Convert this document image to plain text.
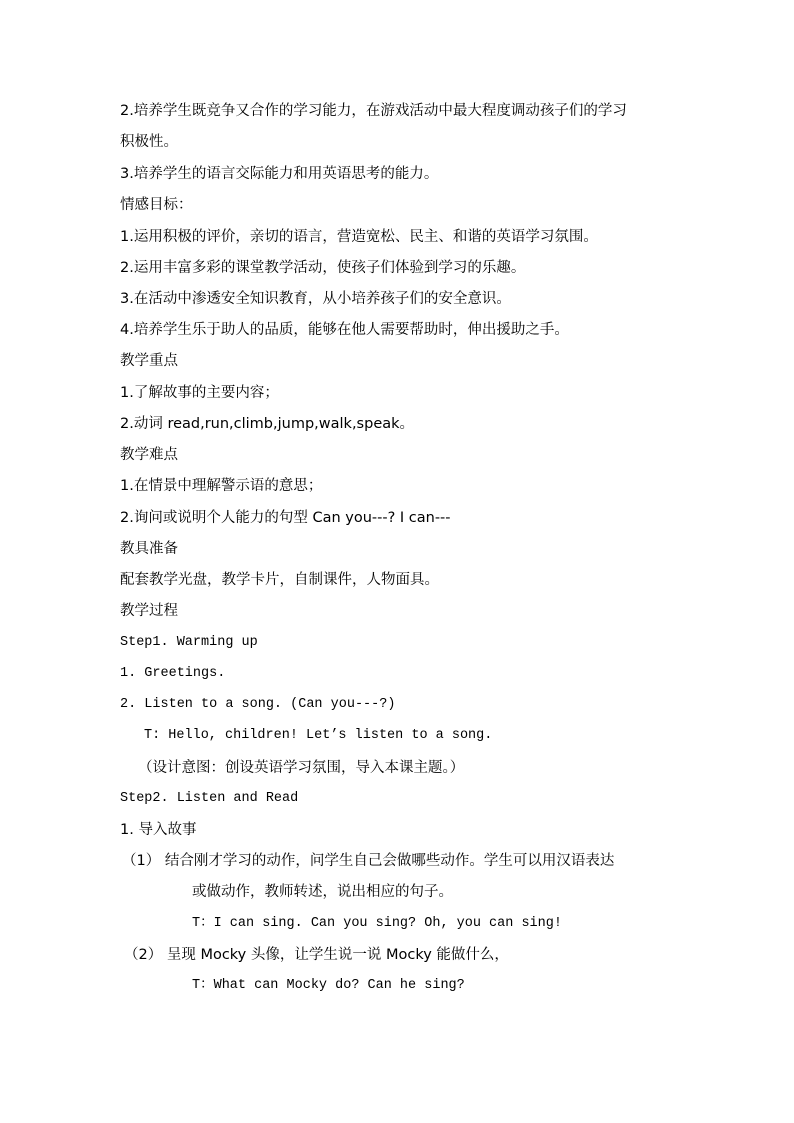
2.培养学生既竞争又合作的学习能力，在游戏活动中最大程度调动孩子们的学习
积极性。
3.培养学生的语言交际能力和用英语思考的能力。
情感目标：
1.运用积极的评价，亲切的语言，营造宽松、民主、和谐的英语学习氛围。
2.运用丰富多彩的课堂教学活动，使孩子们体验到学习的乐趣。
3.在活动中渗透安全知识教育，从小培养孩子们的安全意识。
4.培养学生乐于助人的品质，能够在他人需要帮助时，伸出援助之手。
教学重点
1.了解故事的主要内容；
2.动词 read,run,climb,jump,walk,speak。
教学难点
1.在情景中理解警示语的意思；
2.询问或说明个人能力的句型 Can you---? I can---
教具准备
配套教学光盘，教学卡片，自制课件，人物面具。
教学过程
Step1. Warming up
1. Greetings.
2. Listen to a song. (Can you---?)
T: Hello, children! Let’s listen to a song.
（设计意图：创设英语学习氛围，导入本课主题。）
Step2. Listen and Read
1. 导入故事
（1） 结合刚才学习的动作，问学生自己会做哪些动作。学生可以用汉语表达
或做动作，教师转述，说出相应的句子。
T：I can sing. Can you sing? Oh, you can sing!
（2） 呈现 Mocky 头像，让学生说一说 Mocky 能做什么，
T：What can Mocky do? Can he sing?
